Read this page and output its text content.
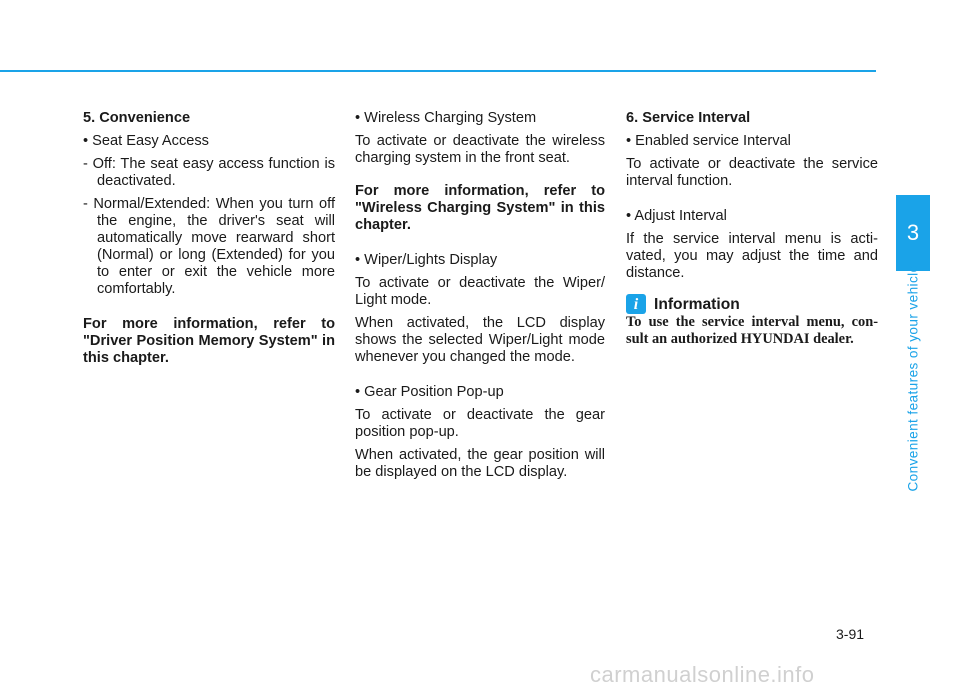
5. Convenience

• Seat Easy Access

- Off: The seat easy access function is deactivated.

- Normal/Extended: When you turn off the engine, the driver's seat will automatically move rearward short (Normal) or long (Extended) for you to enter or exit the vehicle more comfortably.

For more information, refer to "Driver Position Memory System" in this chapter.

• Wireless Charging System

To activate or deactivate the wireless charging system in the front seat.

For more information, refer to "Wireless Charging System" in this chapter.

• Wiper/Lights Display

To activate or deactivate the Wiper/ Light mode.

When activated, the LCD display shows the selected Wiper/Light mode whenever you changed the mode.

• Gear Position Pop-up

To activate or deactivate the gear position pop-up.

When activated, the gear position will be displayed on the LCD display.

6. Service Interval

• Enabled service Interval

To activate or deactivate the service interval function.

• Adjust Interval

If the service interval menu is acti- vated, you may adjust the time and distance.

i	Information

To use the service interval menu, con- sult an authorized HYUNDAI dealer.

3
Convenient features of your vehicle
3-91
carmanualsonline.info
